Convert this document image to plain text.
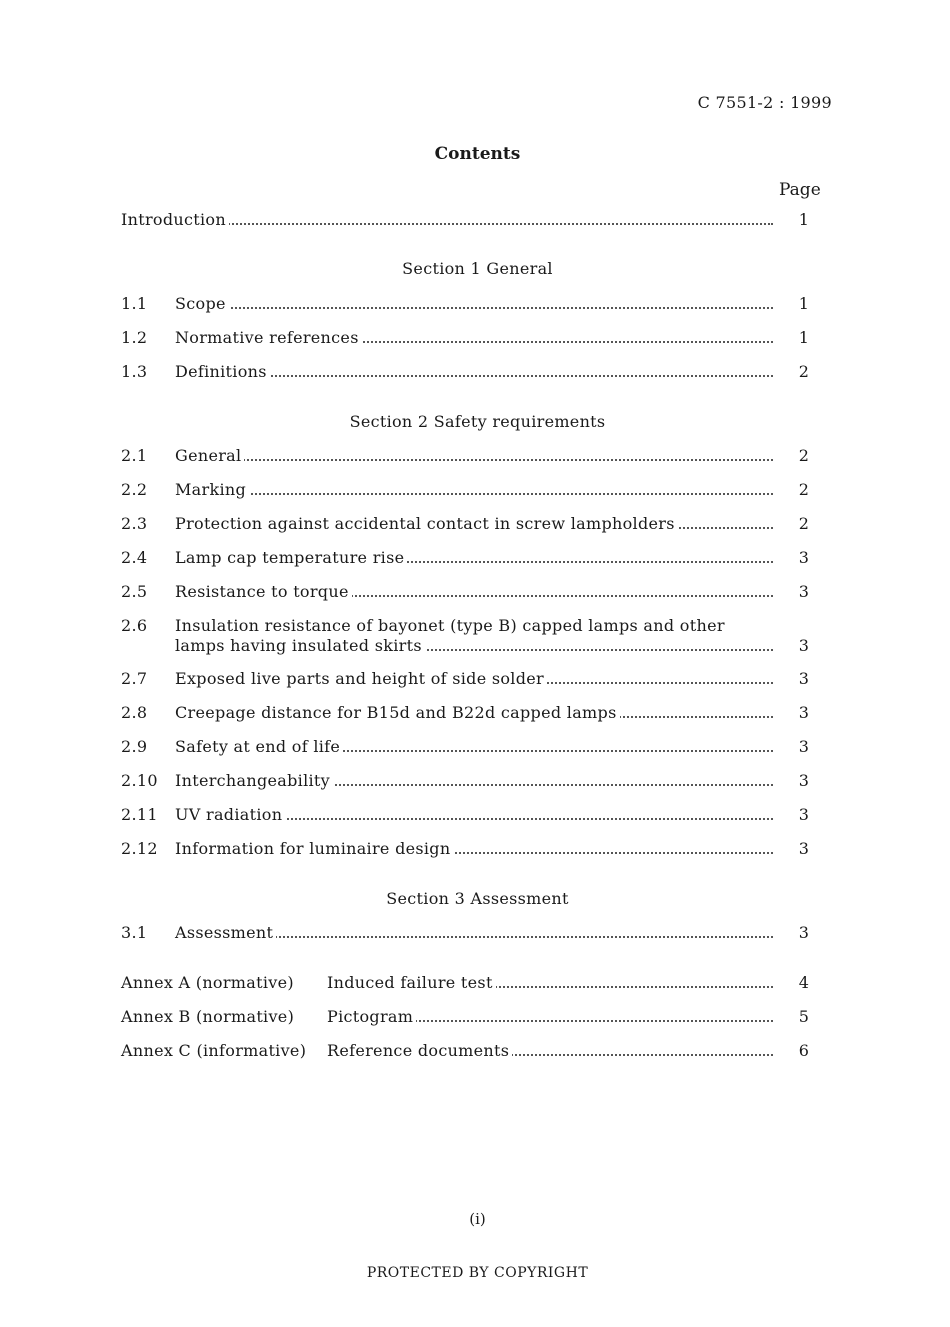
C 7551-2 : 1999
Contents
Page
Introduction	1
Section 1 General
1.1 Scope	1
1.2 Normative references	1
1.3 Definitions	2
Section 2 Safety requirements
2.1 General	2
2.2 Marking	2
2.3 Protection against accidental contact in screw lampholders	2
2.4 Lamp cap temperature rise	3
2.5 Resistance to torque	3
2.6 Insulation resistance of bayonet (type B) capped lamps and other
lamps having insulated skirts	3
2.7 Exposed live parts and height of side solder	3
2.8 Creepage distance for B15d and B22d capped lamps	3
2.9 Safety at end of life	3
2.10 Interchangeability	3
2.11 UV radiation	3
2.12 Information for luminaire design	3
Section 3 Assessment
3.1 Assessment	3
Annex A (normative) Induced failure test	4
Annex B (normative) Pictogram	5
Annex C (informative) Reference documents	6
(i)
PROTECTED BY COPYRIGHT
